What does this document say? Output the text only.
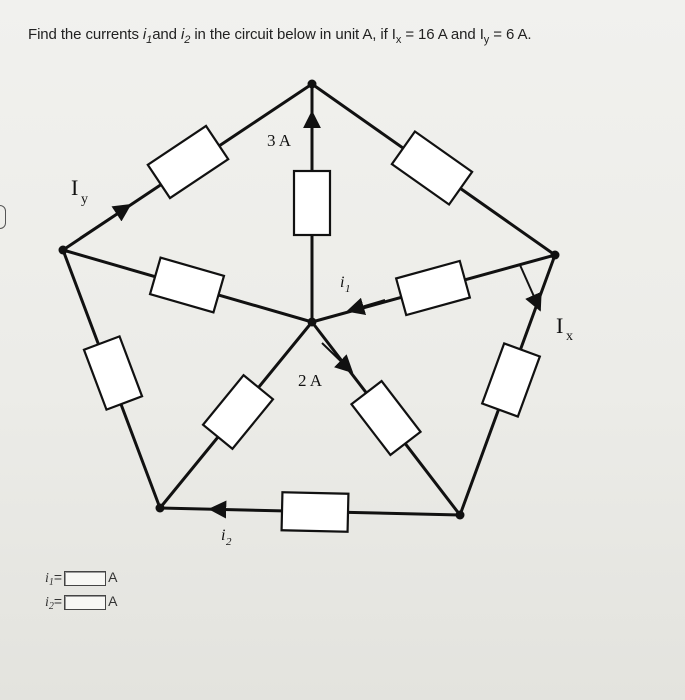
Find the currents $i_1and$ $i_2$ in the circuit below in unit A, if $I_x = 16$ A and $I_y = 6$ A.
3 A
I y
I x
i 1
2 A
i 2
$i_1=$	A
$i_2=$	A
